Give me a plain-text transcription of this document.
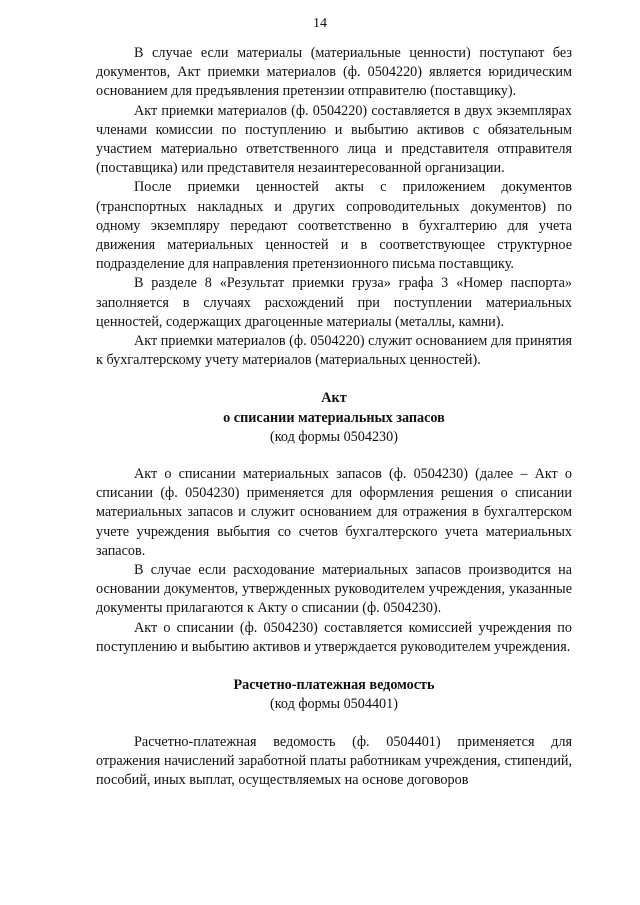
14

В случае если материалы (материальные ценности) поступают без документов, Акт приемки материалов (ф. 0504220) является юридическим основанием для предъявления претензии отправителю (поставщику).

Акт приемки материалов (ф. 0504220) составляется в двух экземплярах членами комиссии по поступлению и выбытию активов с обязательным участием материально ответственного лица и представителя отправителя (поставщика) или представителя незаинтересованной организации.

После приемки ценностей акты с приложением документов (транспортных накладных и других сопроводительных документов) по одному экземпляру передают соответственно в бухгалтерию для учета движения материальных ценностей и в соответствующее структурное подразделение для направления претензионного письма поставщику.

В разделе 8 «Результат приемки груза» графа 3 «Номер паспорта» заполняется в случаях расхождений при поступлении материальных ценностей, содержащих драгоценные материалы (металлы, камни).

Акт приемки материалов (ф. 0504220) служит основанием для принятия к бухгалтерскому учету материалов (материальных ценностей).

Акт
о списании материальных запасов
(код формы 0504230)

Акт о списании материальных запасов (ф. 0504230) (далее – Акт о списании (ф. 0504230) применяется для оформления решения о списании материальных запасов и служит основанием для отражения в бухгалтерском учете учреждения выбытия со счетов бухгалтерского учета материальных запасов.

В случае если расходование материальных запасов производится на основании документов, утвержденных руководителем учреждения, указанные документы прилагаются к Акту о списании (ф. 0504230).

Акт о списании (ф. 0504230) составляется комиссией учреждения по поступлению и выбытию активов и утверждается руководителем учреждения.

Расчетно-платежная ведомость
(код формы 0504401)

Расчетно-платежная ведомость (ф. 0504401) применяется для отражения начислений заработной платы работникам учреждения, стипендий, пособий, иных выплат, осуществляемых на основе договоров
